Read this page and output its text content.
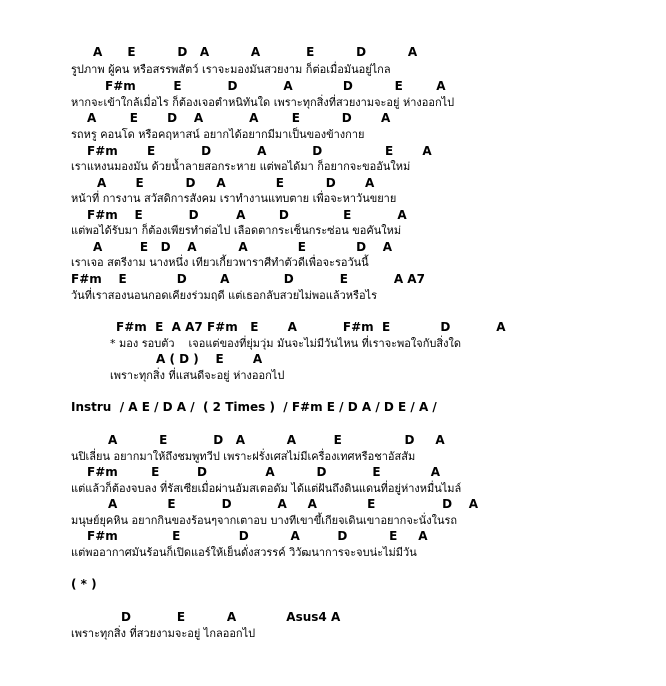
A      E          D   A          A           E          D          A
รูปภาพ ผู้คน หรือสรรพสัตว์ เราจะมองมันสวยงาม ก็ต่อเมื่อมันอยู่ไกล
F#m         E           D           A            D          E        A
หากจะเข้าใกล้เมื่อไร ก็ต้องเจอตำหนิทันใด เพราะทุกสิ่งที่สวยงามจะอยู่ ห่างออกไป
A        E       D    A           A        E          D       A
รถหรู คอนโด หรือคฤหาสน์ อยากได้อยากมีมาเป็นของข้างกาย
F#m       E           D           A           D               E       A
เราแหงนมองมัน ด้วยน้ำลายสอกระหาย แต่พอได้มา ก็อยากจะขออันใหม่
A       E          D     A            E          D       A
หน้าที่ การงาน สวัสดิการสังคม เราทำงานแทบตาย เพื่อจะหาวันขยาย
F#m    E           D         A        D             E           A
แต่พอได้รับมา ก็ต้องเพียรทำต่อไป เลือดตากระเซ็นกระซ่อน ขอคันใหม่
A         E   D    A          A            E            D    A
เราเจอ สตรีงาม นางหนึ่ง เทียวเกี้ยวพาราศีทำตัวดีเพื่อจะรอวันนี้
F#m    E            D        A             D           E           A A7
วันที่เราสองนอนกอดเคียงร่วมฤดี แต่เธอกลับสวยไม่พอแล้วหรือไร
F#m  E  A A7 F#m   E       A           F#m  E            D           A
* มอง รอบตัว    เจอแต่ของที่ยุ่มวุ่ม มันจะไม่มีวันไหน ที่เราจะพอใจกับสิ่งใด
A ( D )    E       A
เพราะทุกสิ่ง ที่แสนดีจะอยู่ ห่างออกไป
Instru  / A E / D A /  ( 2 Times )  / F#m E / D A / D E / A /
A          E           D   A          A         E               D     A
นปิเลี่ยน อยากมาให้ถึงชมพูทวีป เพราะฝรั่งเศสไม่มีเครื่องเทศหรือชาอัสสัม
F#m        E         D              A          D           E            A
แต่แล้วก็ต้องจบลง ที่รัสเซียเมื่อผ่านอัมสเตอดัม ได้แต่ฝันถึงดินแดนที่อยู่ห่างหมื่นไมล์
A            E           D           A     A            E                D    A
มนุษย์ยุคหิน อยากกินของร้อนๆจากเตาอบ บางทีเขาขึ้เกียจเดินเขาอยากจะนั่งในรถ
F#m             E              D          A         D          E     A
แต่พออากาศมันร้อนก็เปิดแอร์ให้เย็นดั่งสวรรค์ วิวัฒนาการจะจบน่ะไม่มีวัน
( * )
D           E          A            Asus4 A
เพราะทุกสิ่ง ที่สวยงามจะอยู่ ไกลออกไป
